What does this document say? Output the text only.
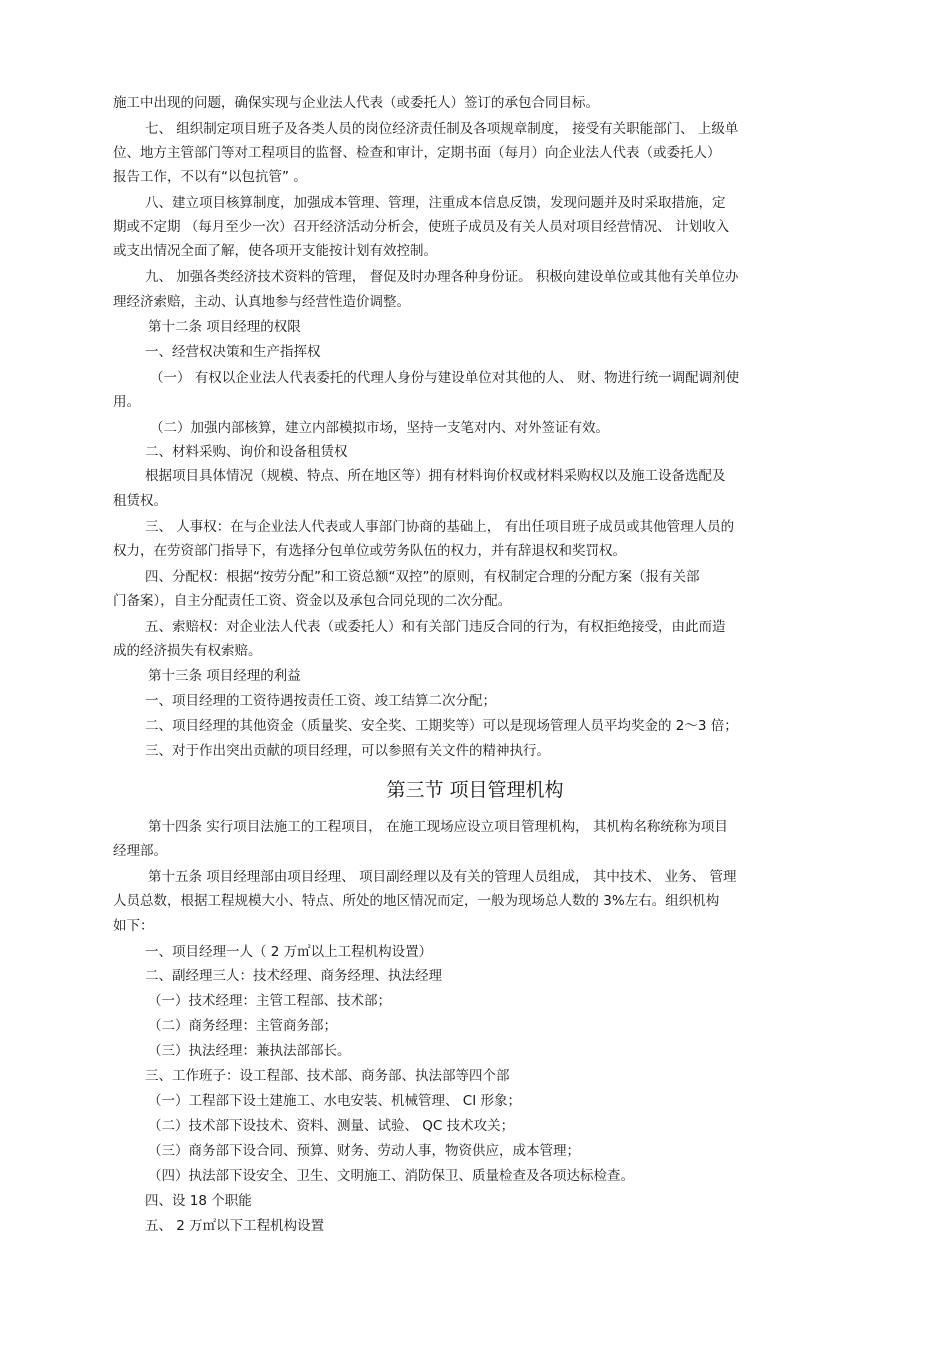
施工中出现的问题，确保实现与企业法人代表（或委托人）签订的承包合同目标。
七、 组织制定项目班子及各类人员的岗位经济责任制及各项规章制度， 接受有关职能部门、 上级单
位、地方主管部门等对工程项目的监督、检查和审计，定期书面（每月）向企业法人代表（或委托人）
报告工作，不以有“以包抗管” 。
八、建立项目核算制度，加强成本管理、管理，注重成本信息反馈，发现问题并及时采取措施，定
期或不定期 （每月至少一次）召开经济活动分析会，使班子成员及有关人员对项目经营情况、 计划收入
或支出情况全面了解，使各项开支能按计划有效控制。
九、 加强各类经济技术资料的管理， 督促及时办理各种身份证。 积极向建设单位或其他有关单位办
理经济索赔，主动、认真地参与经营性造价调整。
第十二条 项目经理的权限
一、经营权决策和生产指挥权
（一） 有权以企业法人代表委托的代理人身份与建设单位对其他的人、 财、物进行统一调配调剂使
用。
（二）加强内部核算，建立内部模拟市场，坚持一支笔对内、对外签证有效。
二、材料采购、询价和设备租赁权
根据项目具体情况（规模、特点、所在地区等）拥有材料询价权或材料采购权以及施工设备选配及
租赁权。
三、 人事权：在与企业法人代表或人事部门协商的基础上， 有出任项目班子成员或其他管理人员的
权力，在劳资部门指导下，有选择分包单位或劳务队伍的权力，并有辞退权和奖罚权。
四、分配权：根据“按劳分配”和工资总额“双控”的原则，有权制定合理的分配方案（报有关部
门备案），自主分配责任工资、资金以及承包合同兑现的二次分配。
五、索赔权：对企业法人代表（或委托人）和有关部门违反合同的行为，有权拒绝接受，由此而造
成的经济损失有权索赔。
第十三条 项目经理的利益
一、项目经理的工资待遇按责任工资、竣工结算二次分配；
二、项目经理的其他资金（质量奖、安全奖、工期奖等）可以是现场管理人员平均奖金的 2～3 倍；
三、对于作出突出贡献的项目经理，可以参照有关文件的精神执行。
第三节 项目管理机构
第十四条 实行项目法施工的工程项目， 在施工现场应设立项目管理机构， 其机构名称统称为项目
经理部。
第十五条 项目经理部由项目经理、 项目副经理以及有关的管理人员组成， 其中技术、 业务、 管理
人员总数，根据工程规模大小、特点、所处的地区情况而定，一般为现场总人数的 3%左右。组织机构
如下：
一、项目经理一人（ 2 万㎡以上工程机构设置）
二、副经理三人：技术经理、商务经理、执法经理
（一）技术经理：主管工程部、技术部；
（二）商务经理：主管商务部；
（三）执法经理：兼执法部部长。
三、工作班子：设工程部、技术部、商务部、执法部等四个部
（一）工程部下设土建施工、水电安装、机械管理、 CI 形象；
（二）技术部下设技术、资料、测量、试验、 QC 技术攻关；
（三）商务部下设合同、预算、财务、劳动人事，物资供应，成本管理；
（四）执法部下设安全、卫生、文明施工、消防保卫、质量检查及各项达标检查。
四、设 18 个职能
五、 2 万㎡以下工程机构设置
